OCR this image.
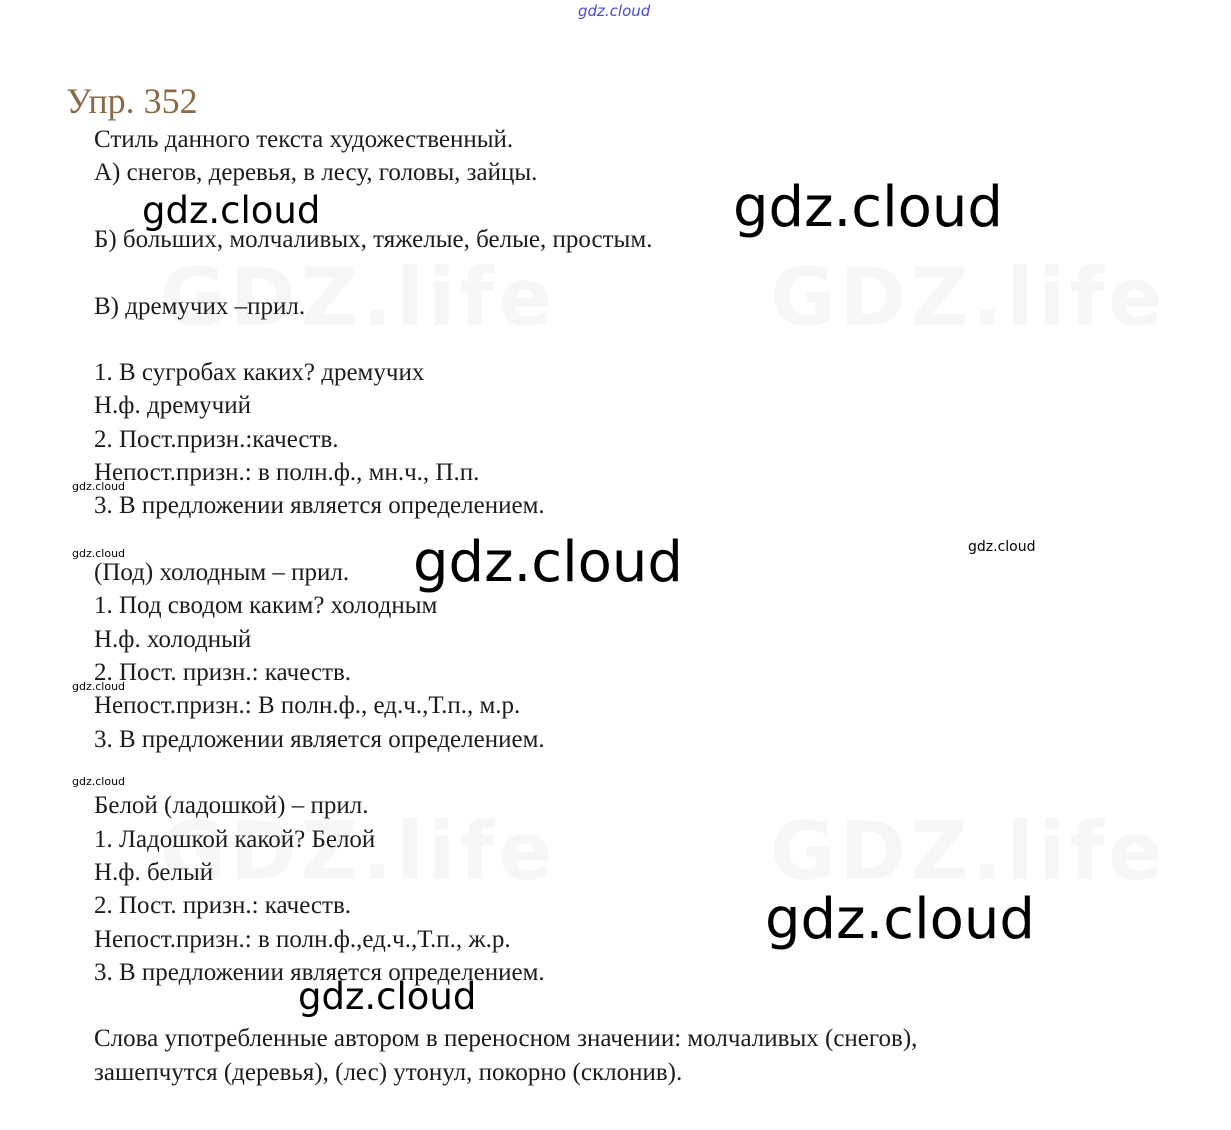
gdz.cloud
Упр. 352
Стиль данного текста художественный.
А) снегов, деревья, в лесу, головы, зайцы.
Б) больших, молчаливых, тяжелые, белые, простым.
В) дремучих –прил.
1. В сугробах каких? дремучих
Н.ф. дремучий
2. Пост.призн.:качеств.
Непост.призн.: в полн.ф., мн.ч., П.п.
3. В предложении является определением.
(Под) холодным – прил.
1. Под сводом каким? холодным
Н.ф. холодный
2. Пост. призн.: качеств.
Непост.призн.: В полн.ф., ед.ч.,Т.п., м.р.
3. В предложении является определением.
Белой (ладошкой) – прил.
1. Ладошкой какой? Белой
Н.ф. белый
2. Пост. призн.: качеств.
Непост.призн.: в полн.ф.,ед.ч.,Т.п., ж.р.
3. В предложении является определением.
Слова употребленные автором в переносном значении: молчаливых (снегов),
зашепчутся (деревья), (лес) утонул, покорно (склонив).
gdz.cloud	gdz.cloud
gdz.cloud
gdz.cloud
gdz.cloud
gdz.cloud
gdz.cloud
gdz.cloud
gdz.cloud
gdz.cloud
